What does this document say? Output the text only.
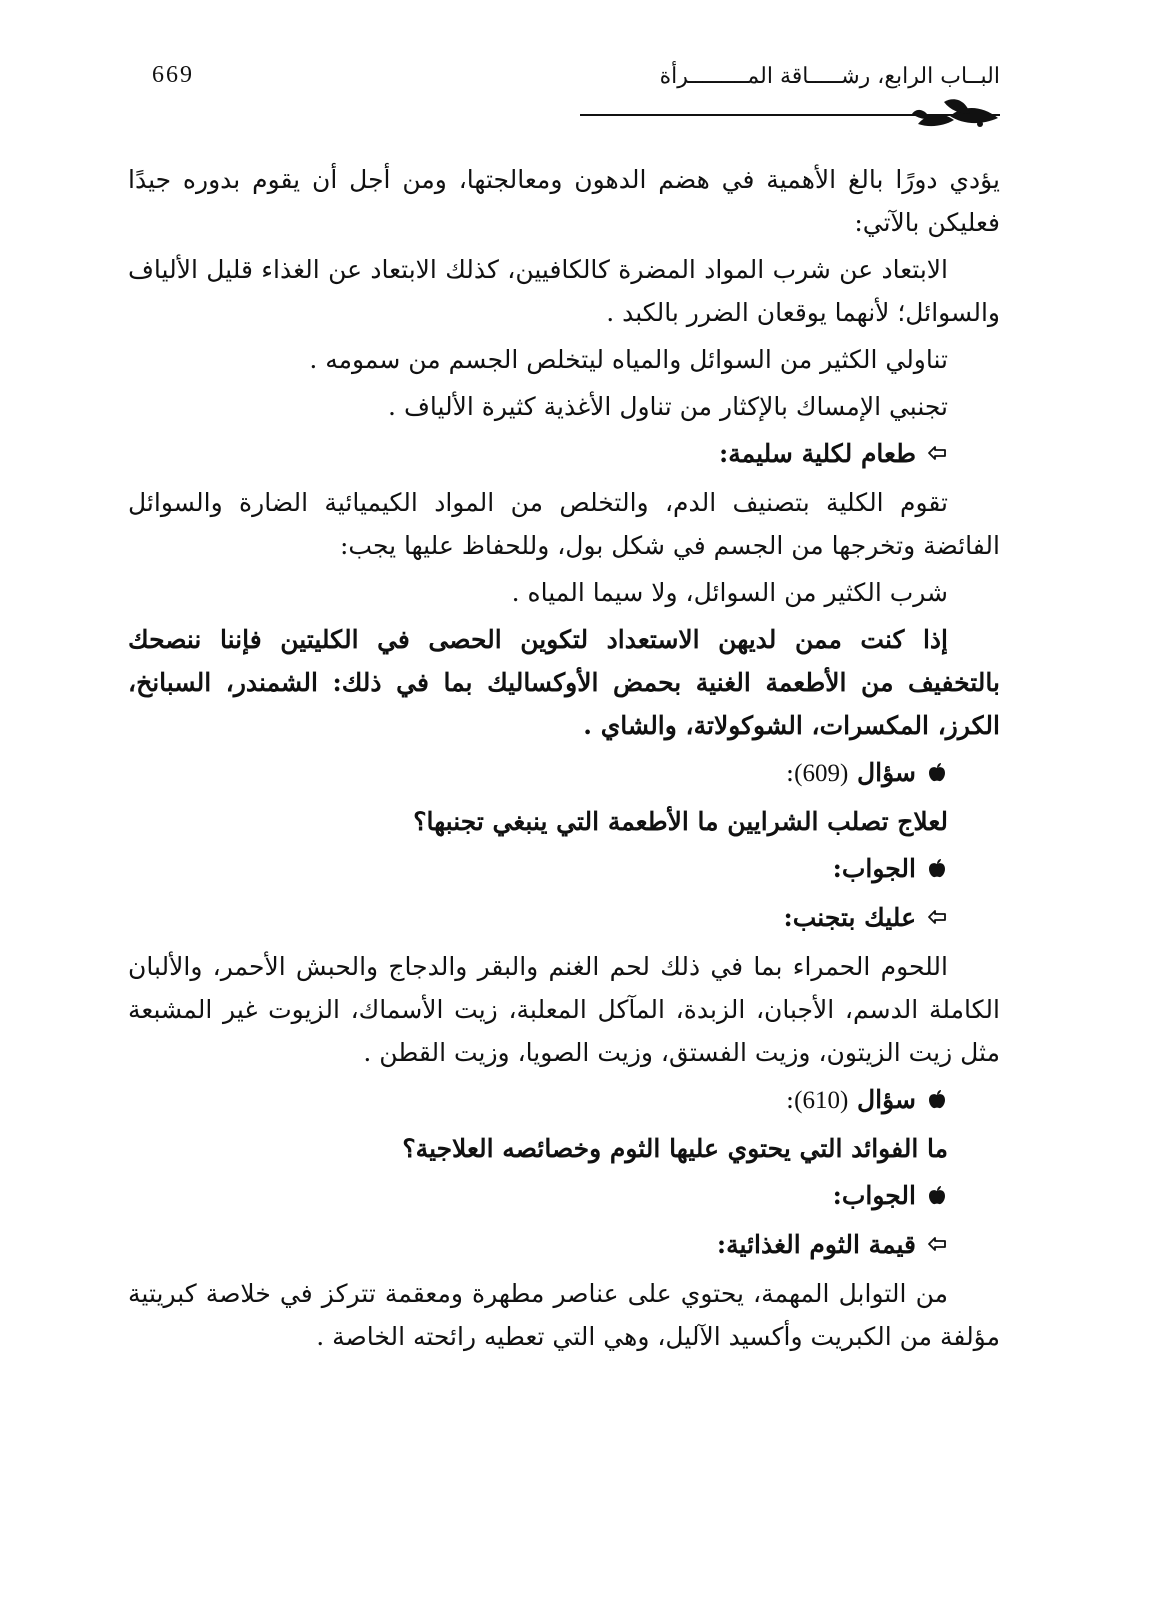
669	البــاب الرابع، رشـــــاقة المـــــــــرأة

يؤدي دورًا بالغ الأهمية في هضم الدهون ومعالجتها، ومن أجل أن يقوم بدوره جيدًا فعليكن بالآتي:

الابتعاد عن شرب المواد المضرة كالكافيين، كذلك الابتعاد عن الغذاء قليل الألياف والسوائل؛ لأنهما يوقعان الضرر بالكبد .

تناولي الكثير من السوائل والمياه ليتخلص الجسم من سمومه .

تجنبي الإمساك بالإكثار من تناول الأغذية كثيرة الألياف .

طعام لكلية سليمة:

تقوم الكلية بتصنيف الدم، والتخلص من المواد الكيميائية الضارة والسوائل الفائضة وتخرجها من الجسم في شكل بول، وللحفاظ عليها يجب:

شرب الكثير من السوائل، ولا سيما المياه .

إذا كنت ممن لديهن الاستعداد لتكوين الحصى في الكليتين فإننا ننصحك بالتخفيف من الأطعمة الغنية بحمض الأوكساليك بما في ذلك: الشمندر، السبانخ، الكرز، المكسرات، الشوكولاتة، والشاي .

سؤال (609):

لعلاج تصلب الشرايين ما الأطعمة التي ينبغي تجنبها؟

الجواب:

عليك بتجنب:

اللحوم الحمراء بما في ذلك لحم الغنم والبقر والدجاج والحبش الأحمر، والألبان الكاملة الدسم، الأجبان، الزبدة، المآكل المعلبة، زيت الأسماك، الزيوت غير المشبعة مثل زيت الزيتون، وزيت الفستق، وزيت الصويا، وزيت القطن .

سؤال (610):

ما الفوائد التي يحتوي عليها الثوم وخصائصه العلاجية؟

الجواب:

قيمة الثوم الغذائية:

من التوابل المهمة، يحتوي على عناصر مطهرة ومعقمة تتركز في خلاصة كبريتية مؤلفة من الكبريت وأكسيد الآليل، وهي التي تعطيه رائحته الخاصة .
